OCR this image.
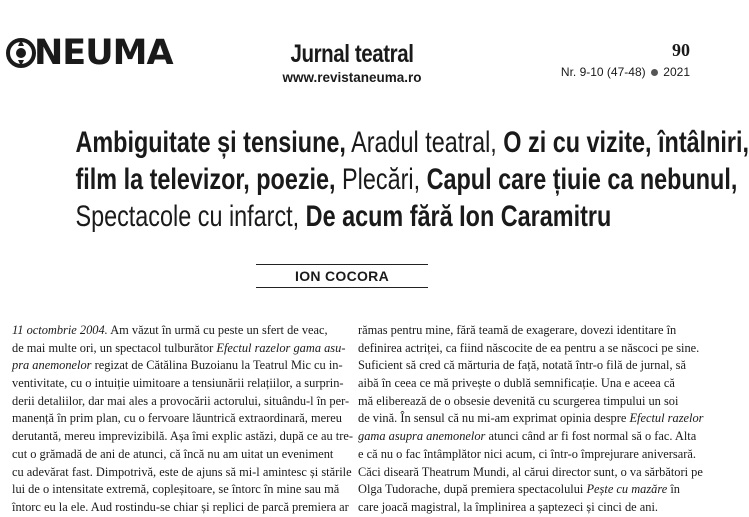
NEUMA	Jurnal teatral
www.revistaneuma.ro
90
Nr. 9-10 (47-48) 2021
Ambiguitate și tensiune, Aradul teatral, O zi cu vizite, întâlniri,
film la televizor, poezie, Plecări, Capul care țiuie ca nebunul,
Spectacole cu infarct, De acum fără Ion Caramitru
ION COCORA
11 octombrie 2004. Am văzut în urmă cu peste un sfert de veac,
de mai multe ori, un spectacol tulburător Efectul razelor gama asu-
pra anemonelor regizat de Cătălina Buzoianu la Teatrul Mic cu in-
ventivitate, cu o intuiție uimitoare a tensiunării relațiilor, a surprin-
derii detaliilor, dar mai ales a provocării actorului, situându-l în per-
manență în prim plan, cu o fervoare lăuntrică extraordinară, mereu
derutantă, mereu imprevizibilă. Așa îmi explic astăzi, după ce au tre-
cut o grămadă de ani de atunci, că încă nu am uitat un eveniment
cu adevărat fast. Dimpotrivă, este de ajuns să mi-l amintesc și stările
lui de o intensitate extremă, copleșitoare, se întorc în mine sau mă
întorc eu la ele. Aud rostindu-se chiar și replici de parcă premiera ar
rămas pentru mine, fără teamă de exagerare, dovezi identitare în
definirea actriței, ca fiind născocite de ea pentru a se născoci pe sine.
Suficient să cred că mărturia de față, notată într-o filă de jurnal, să
aibă în ceea ce mă privește o dublă semnificație. Una e aceea că
mă eliberează de o obsesie devenită cu scurgerea timpului un soi
de vină. În sensul că nu mi-am exprimat opinia despre Efectul razelor
gama asupra anemonelor atunci când ar fi fost normal să o fac. Alta
e că nu o fac întâmplător nici acum, ci într-o împrejurare aniversară.
Căci diseară Theatrum Mundi, al cărui director sunt, o va sărbători pe
Olga Tudorache, după premiera spectacolului Pește cu mazăre în
care joacă magistral, la împlinirea a șaptezeci și cinci de ani.
